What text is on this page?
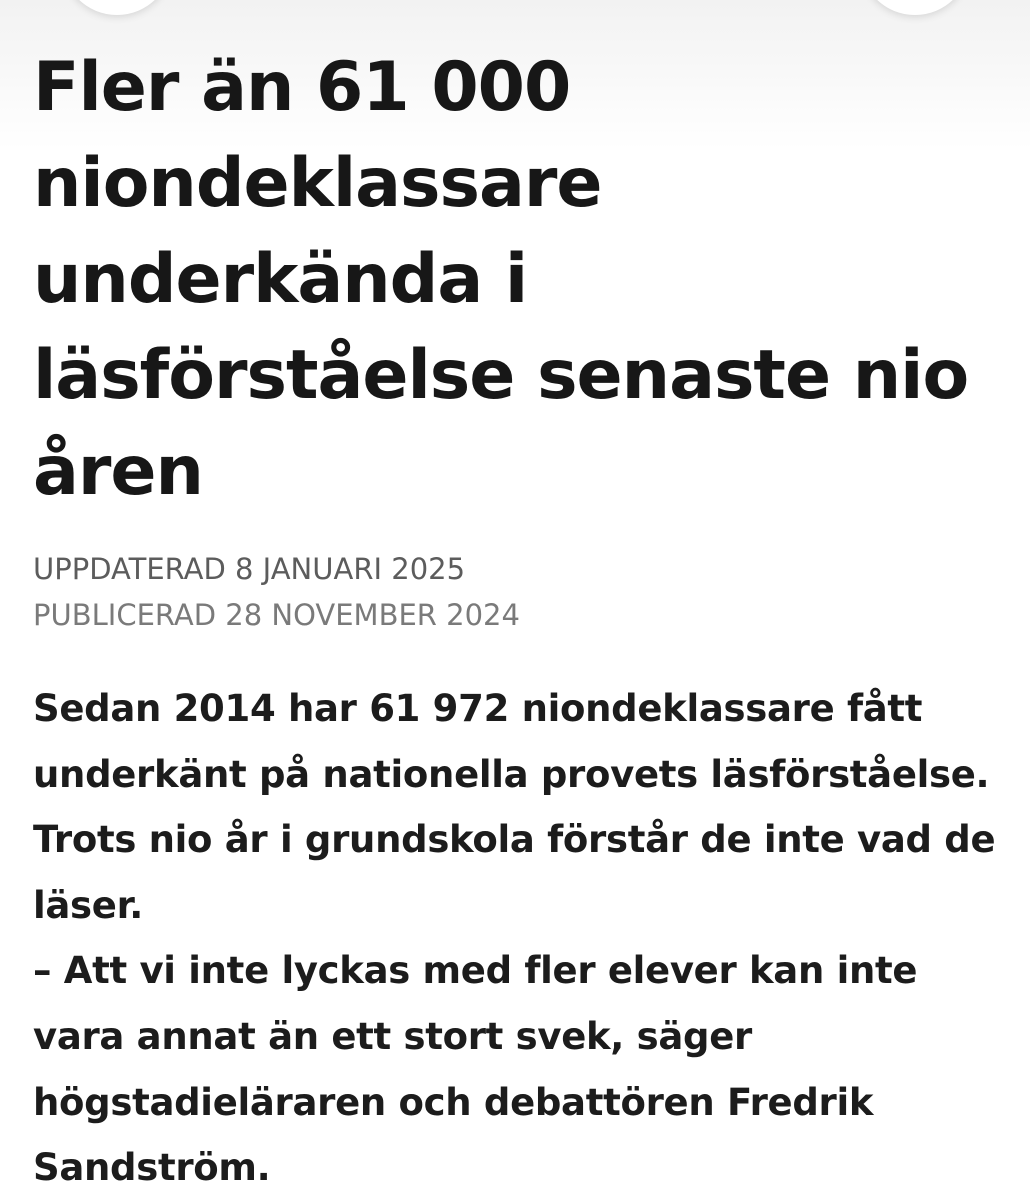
Fler än 61 000
niondeklassare
underkända i
läsförståelse senaste nio
åren
UPPDATERAD 8 JANUARI 2025
PUBLICERAD 28 NOVEMBER 2024
Sedan 2014 har 61 972 niondeklassare fått
underkänt på nationella provets läsförståelse.
Trots nio år i grundskola förstår de inte vad de
läser.
– Att vi inte lyckas med fler elever kan inte
vara annat än ett stort svek, säger
högstadieläraren och debattören Fredrik
Sandström.
